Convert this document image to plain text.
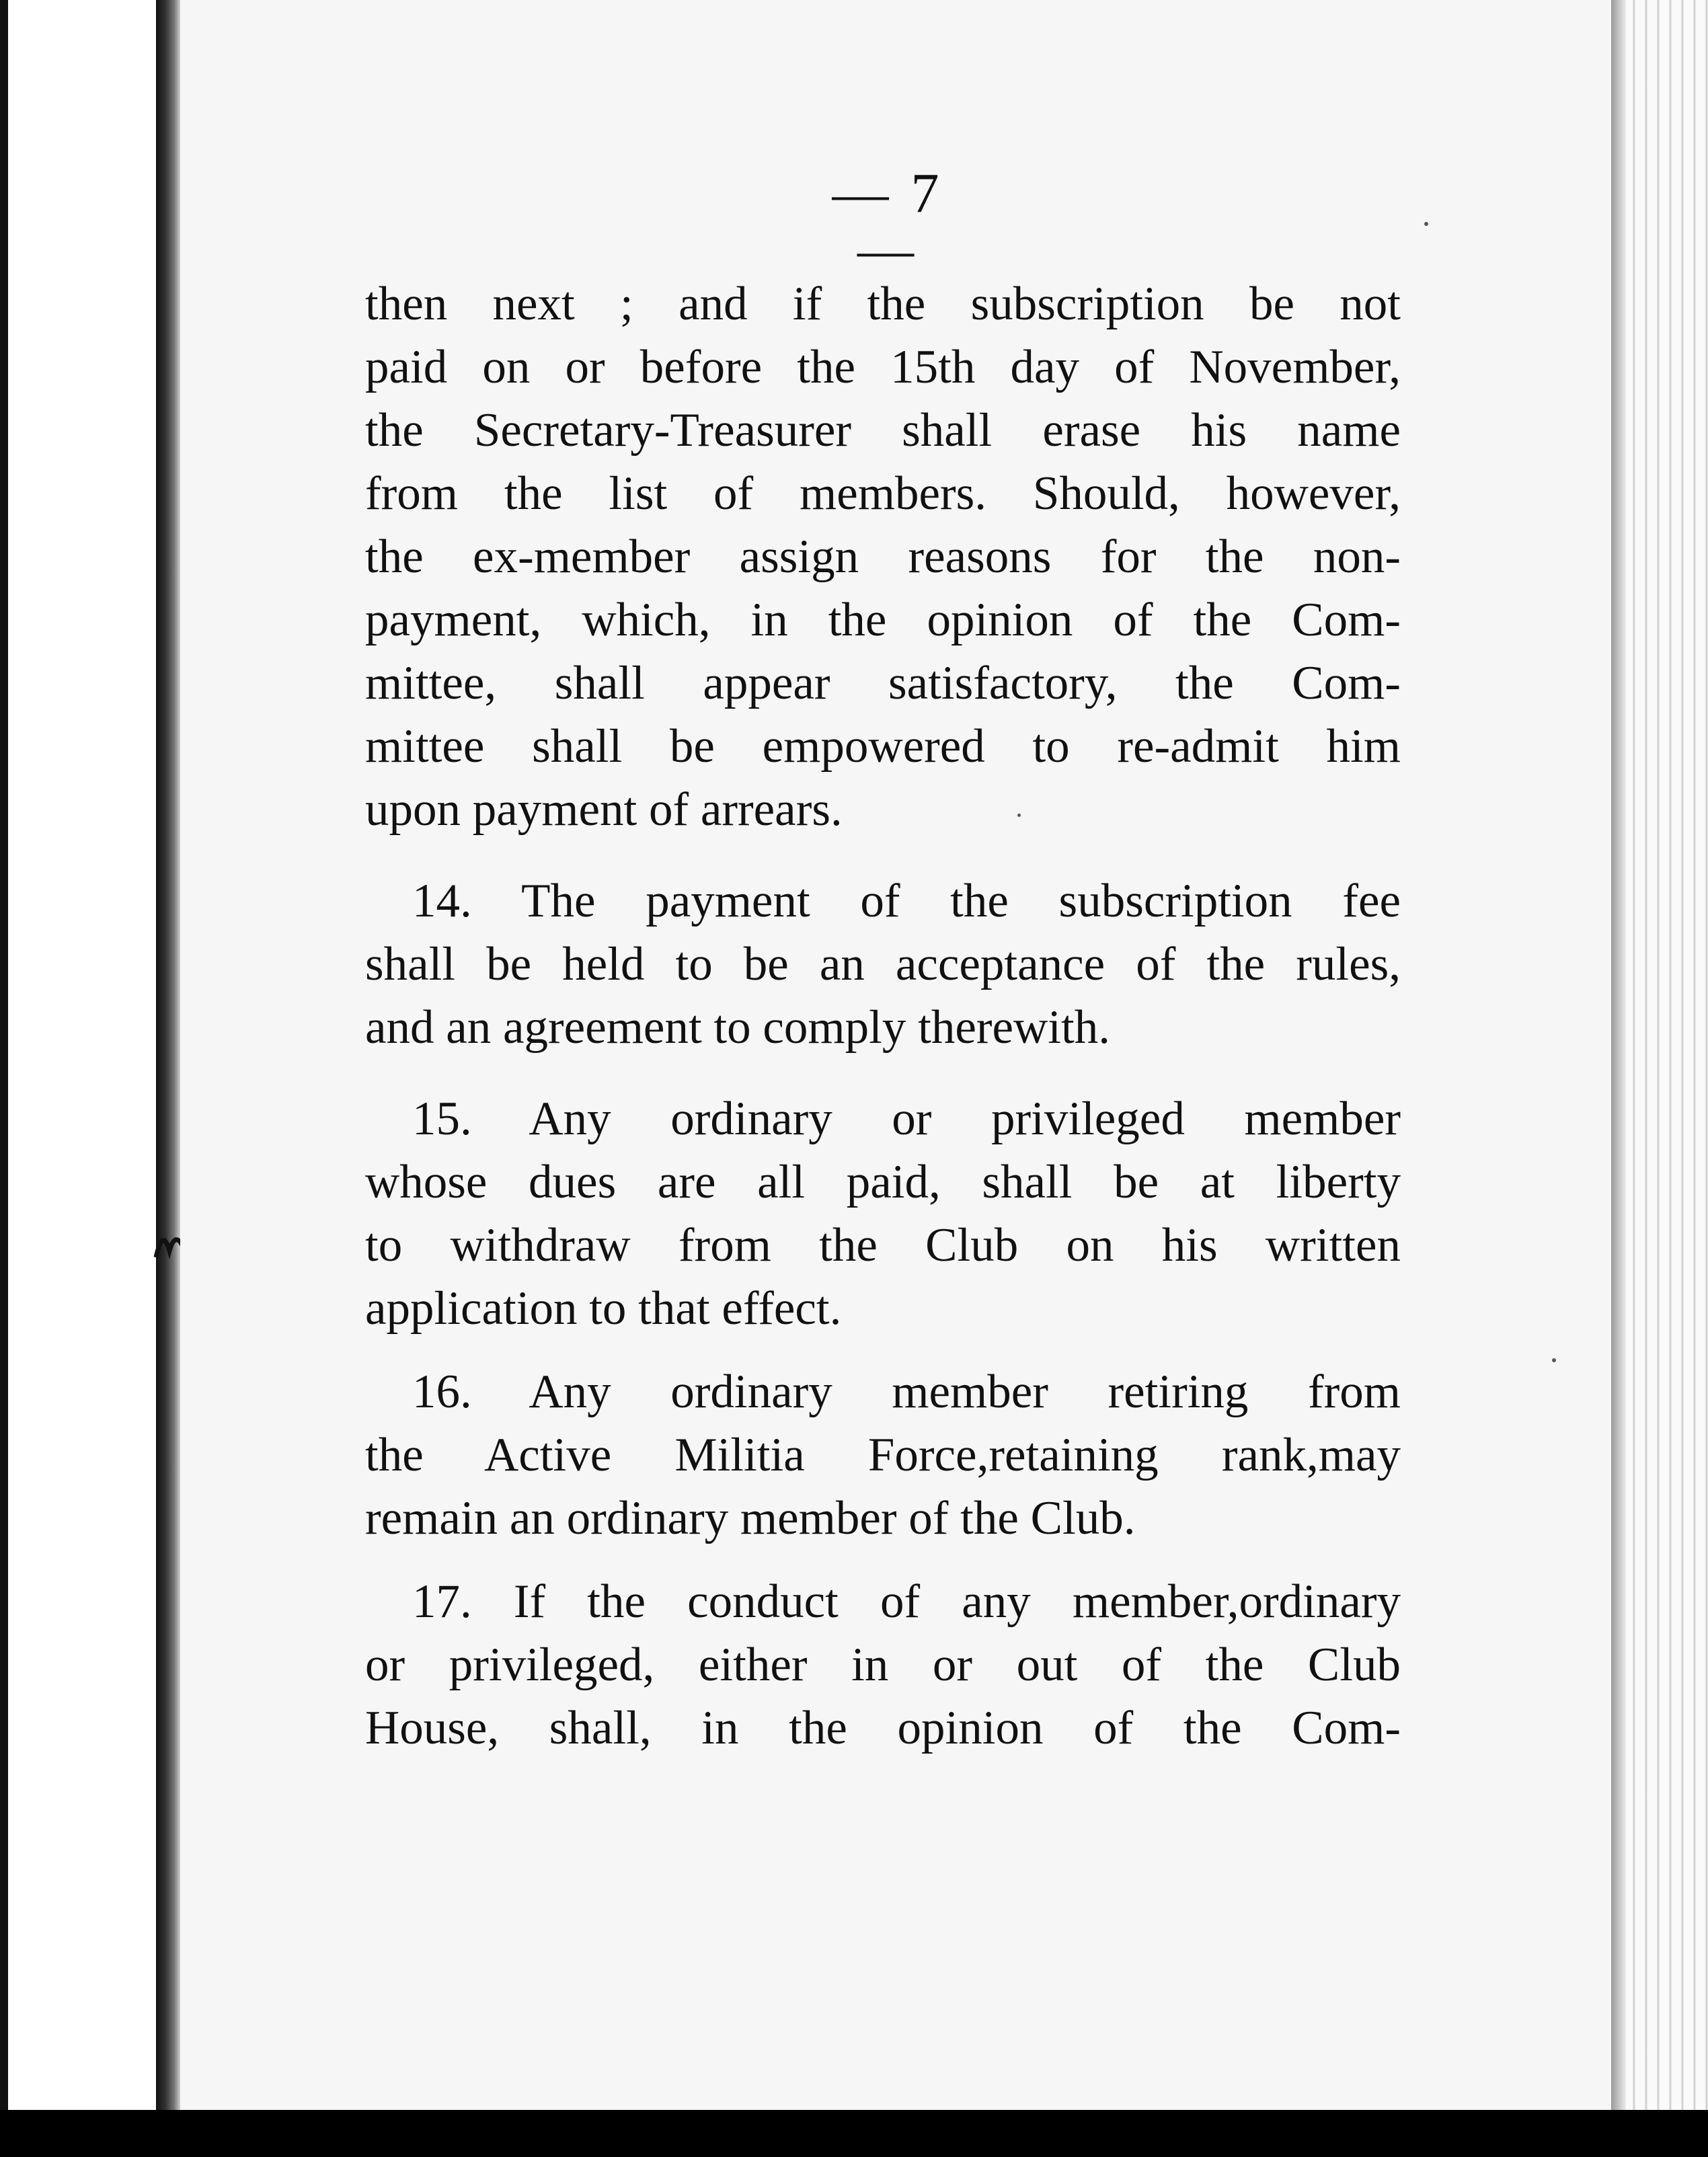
— 7 —
then next ; and if the subscription be not
paid on or before the 15th day of November,
the Secretary-Treasurer shall erase his name
from the list of members. Should, however,
the ex-member assign reasons for the non-
payment, which, in the opinion of the Com-
mittee, shall appear satisfactory, the Com-
mittee shall be empowered to re-admit him
upon payment of arrears.
14. The payment of the subscription fee
shall be held to be an acceptance of the rules,
and an agreement to comply therewith.
15. Any ordinary or privileged member
whose dues are all paid, shall be at liberty
to withdraw from the Club on his written
application to that effect.
16. Any ordinary member retiring from
the Active Militia Force,retaining rank,may
remain an ordinary member of the Club.
17. If the conduct of any member,ordinary
or privileged, either in or out of the Club
House, shall, in the opinion of the Com-
